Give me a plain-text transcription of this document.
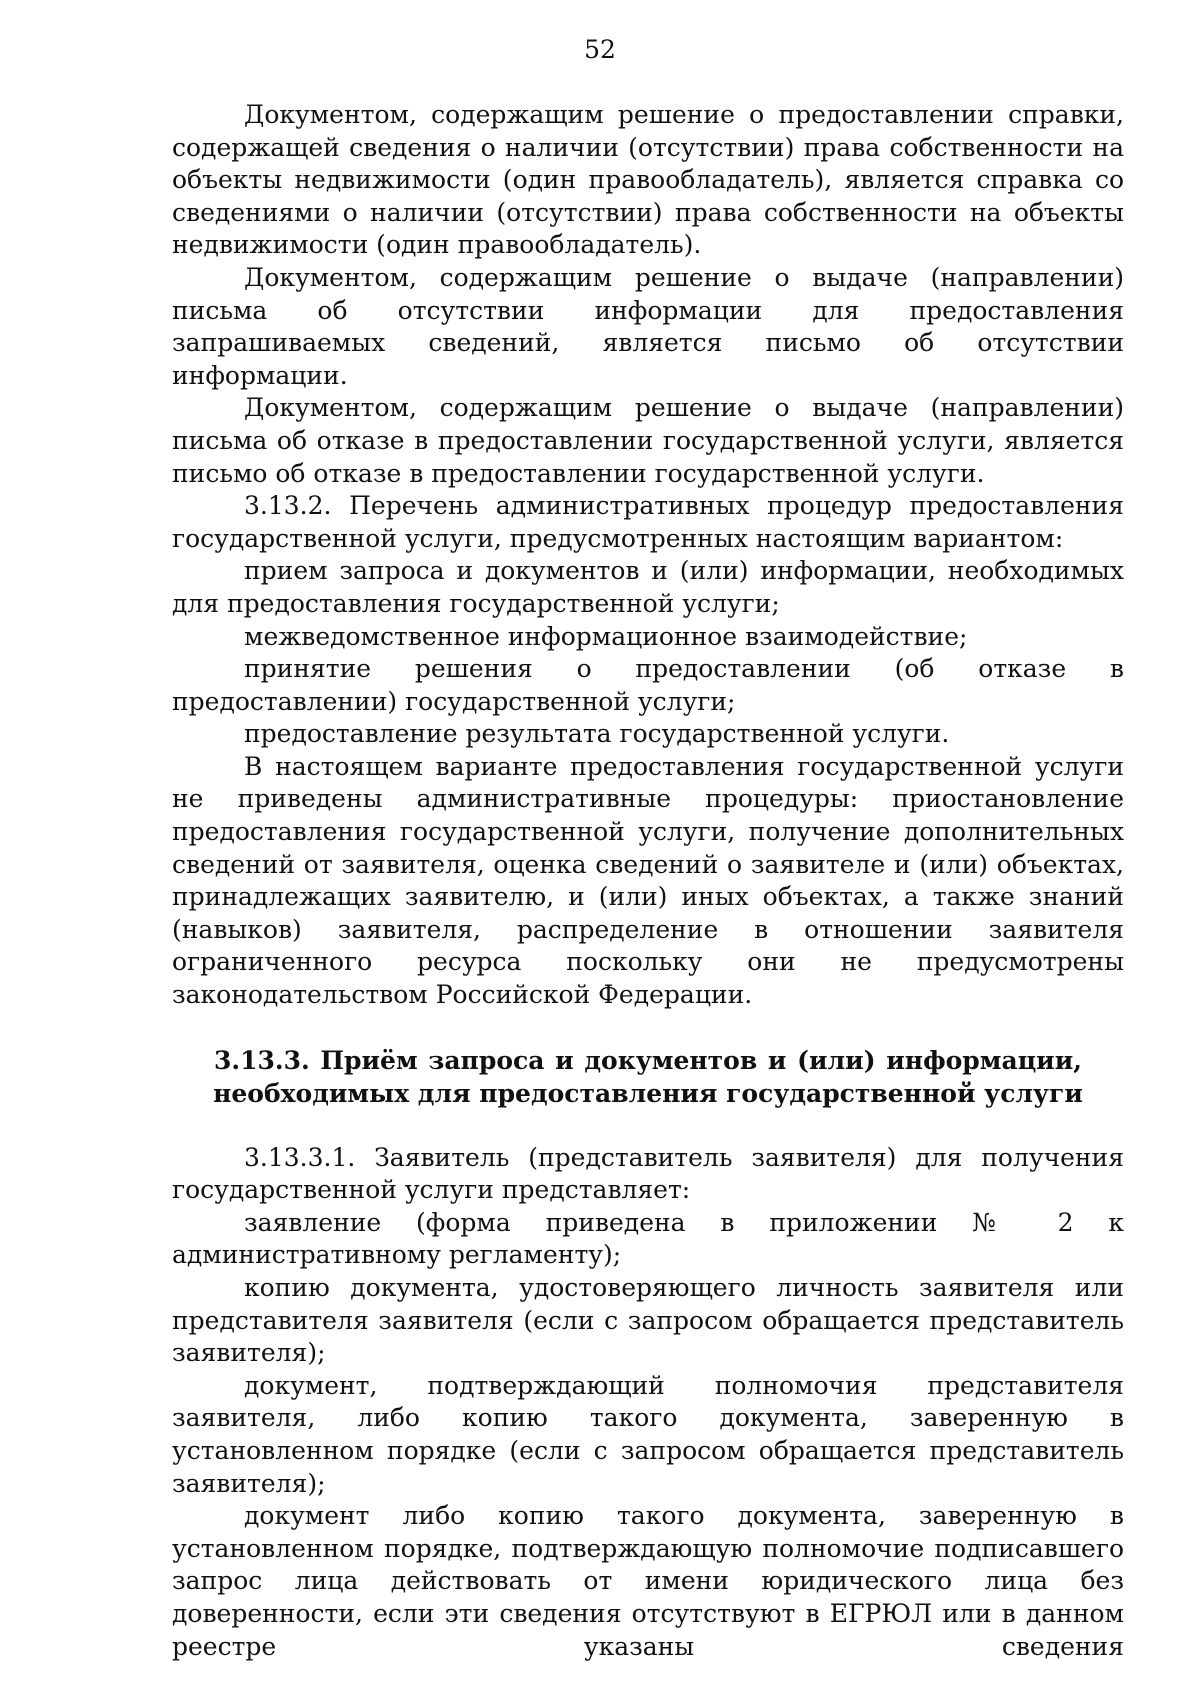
52

Документом, содержащим решение о предоставлении справки, содержащей сведения о наличии (отсутствии) права собственности на объекты недвижимости (один правообладатель), является справка со сведениями о наличии (отсутствии) права собственности на объекты недвижимости (один правообладатель).

Документом, содержащим решение о выдаче (направлении) письма об отсутствии информации для предоставления запрашиваемых сведений, является письмо об отсутствии информации.

Документом, содержащим решение о выдаче (направлении) письма об отказе в предоставлении государственной услуги, является письмо об отказе в предоставлении государственной услуги.

3.13.2. Перечень административных процедур предоставления государственной услуги, предусмотренных настоящим вариантом:

прием запроса и документов и (или) информации, необходимых для предоставления государственной услуги;

межведомственное информационное взаимодействие;

принятие решения о предоставлении (об отказе в предоставлении) государственной услуги;

предоставление результата государственной услуги.

В настоящем варианте предоставления государственной услуги не приведены административные процедуры: приостановление предоставления государственной услуги, получение дополнительных сведений от заявителя, оценка сведений о заявителе и (или) объектах, принадлежащих заявителю, и (или) иных объектах, а также знаний (навыков) заявителя, распределение в отношении заявителя ограниченного ресурса поскольку они не предусмотрены законодательством Российской Федерации.

3.13.3. Приём запроса и документов и (или) информации,
необходимых для предоставления государственной услуги

3.13.3.1. Заявитель (представитель заявителя) для получения государственной услуги представляет:

заявление (форма приведена в приложении № 2 к административному регламенту);

копию документа, удостоверяющего личность заявителя или представителя заявителя (если с запросом обращается представитель заявителя);

документ, подтверждающий полномочия представителя заявителя, либо копию такого документа, заверенную в установленном порядке (если с запросом обращается представитель заявителя);

документ либо копию такого документа, заверенную в установленном порядке, подтверждающую полномочие подписавшего запрос лица действовать от имени юридического лица без доверенности, если эти сведения отсутствуют в ЕГРЮЛ или в данном реестре указаны сведения
